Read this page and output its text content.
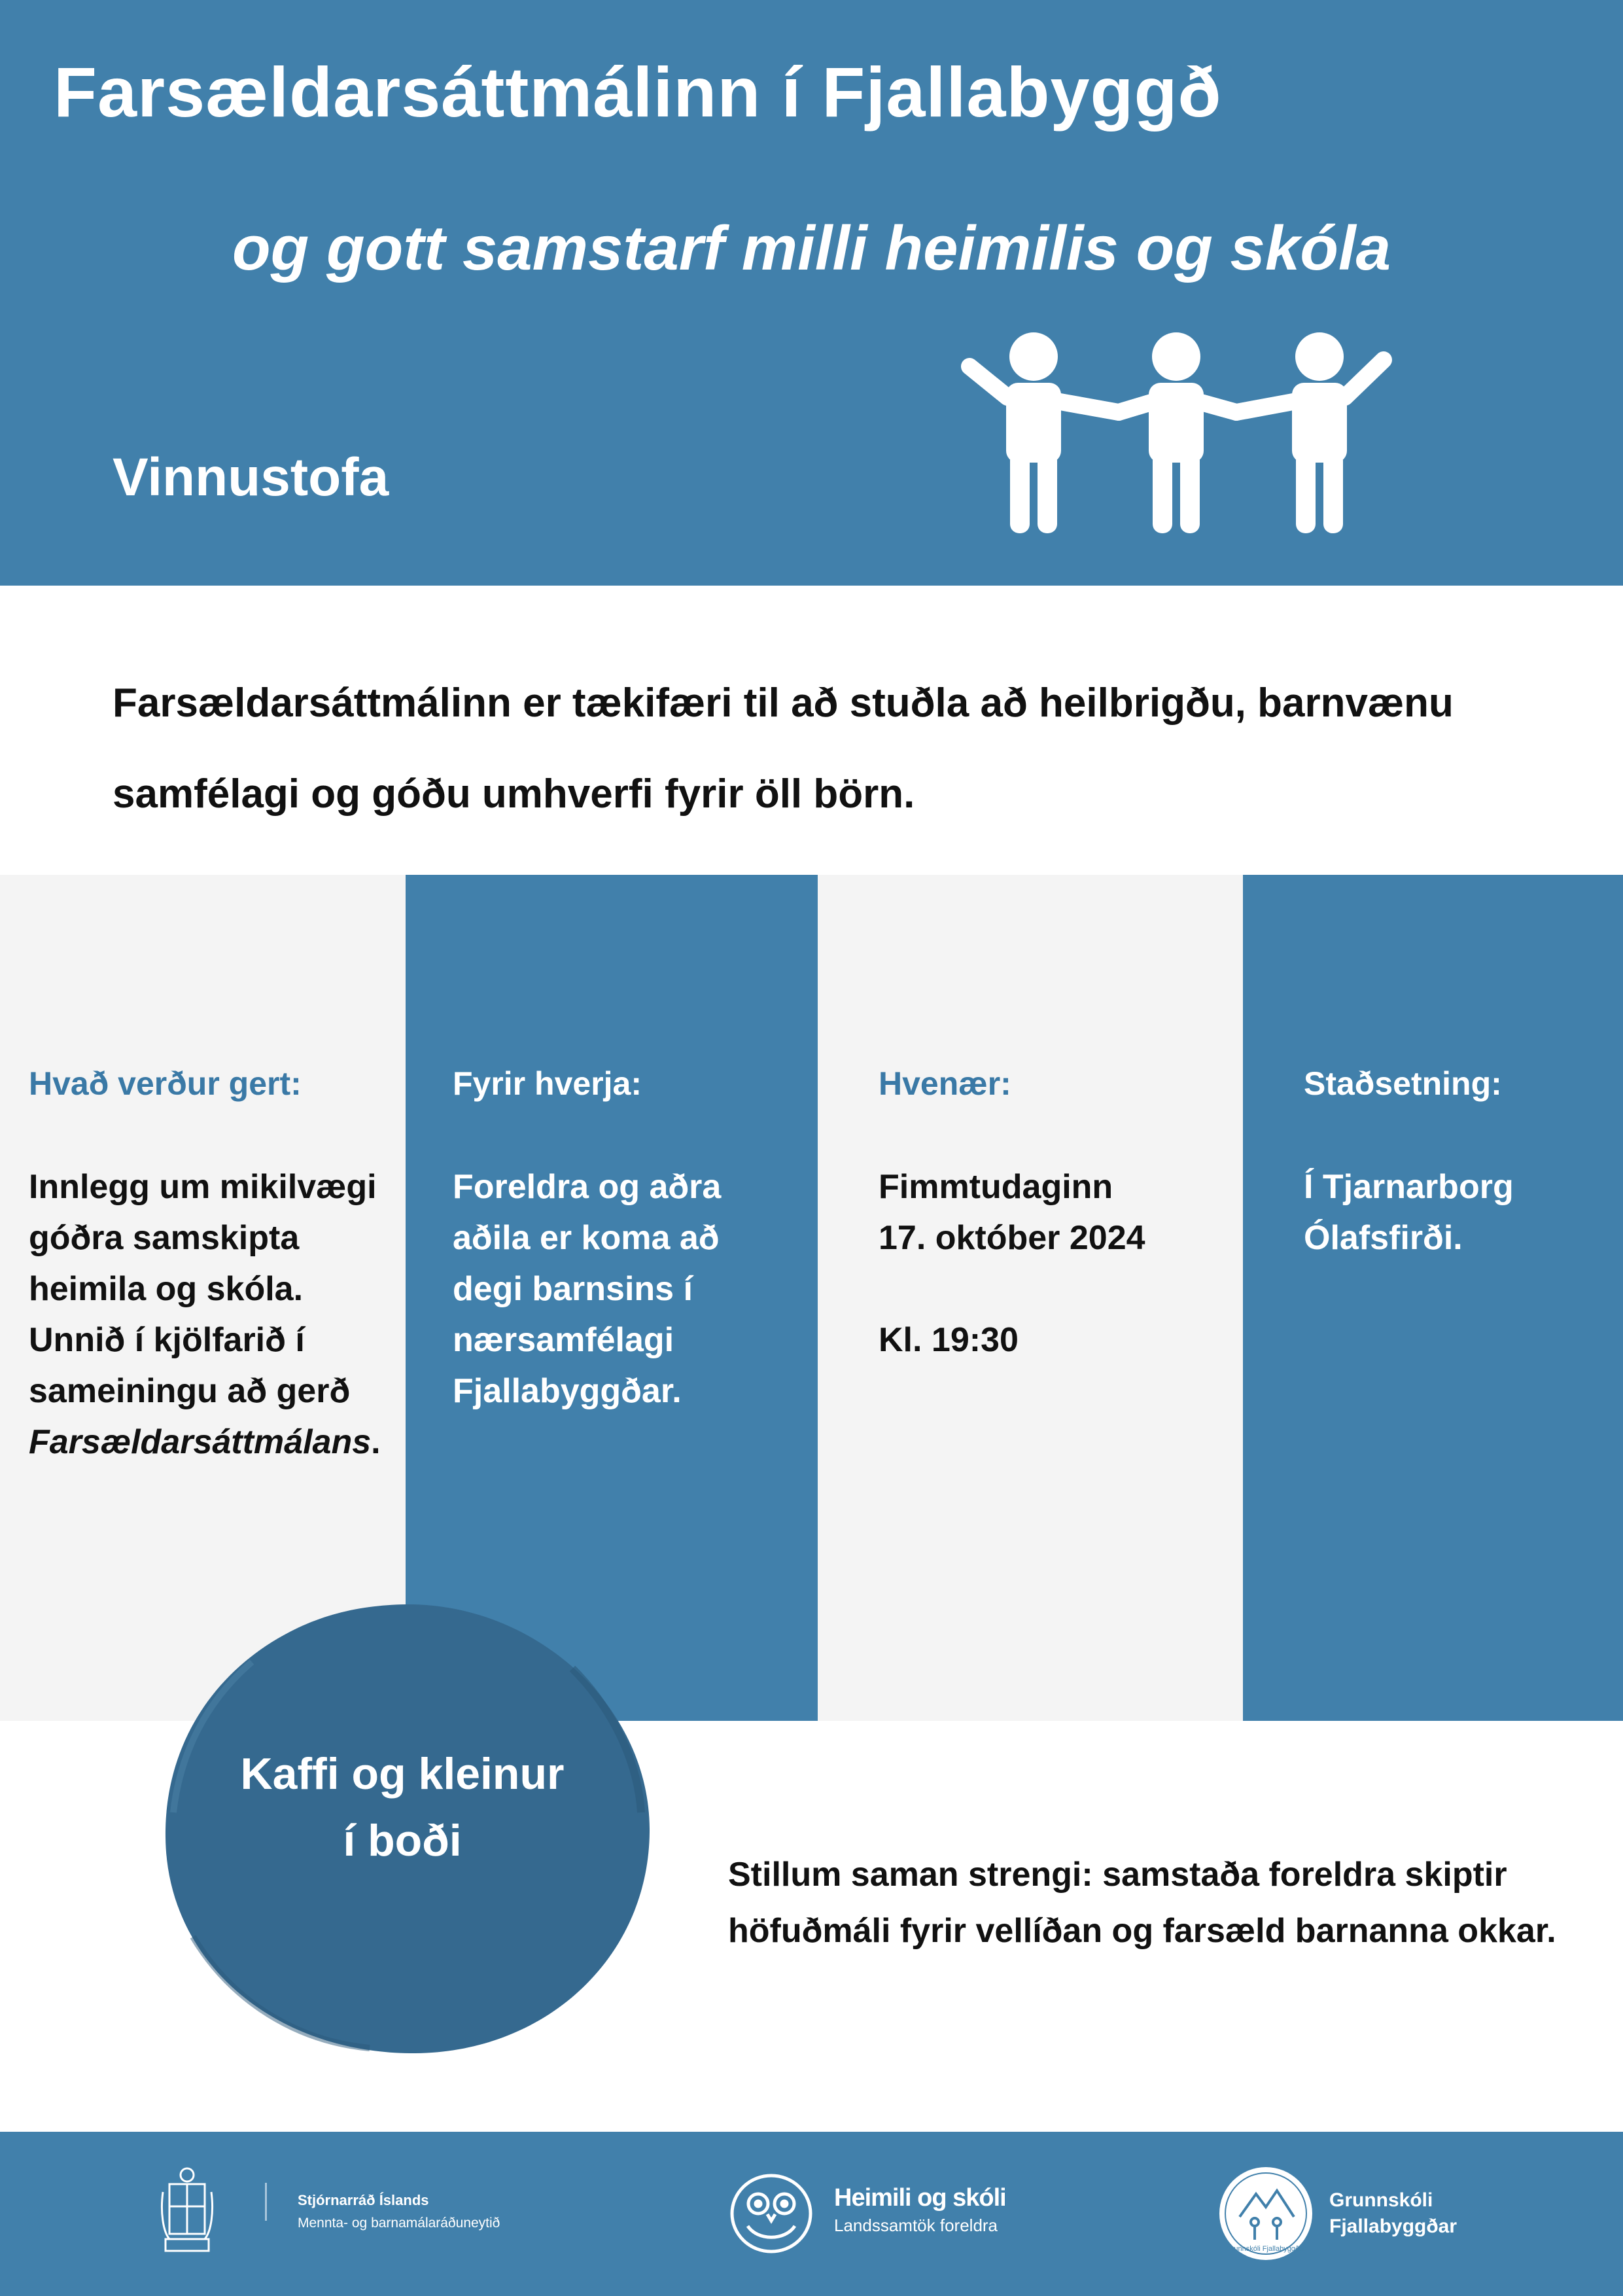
Farsældarsáttmálinn í Fjallabyggð
og gott samstarf milli heimilis og skóla
Vinnustofa
Farsældarsáttmálinn er tækifæri til að stuðla að heilbrigðu, barnvænu samfélagi og góðu umhverfi fyrir öll börn.
Hvað verður gert:
Innlegg um mikilvægi
góðra samskipta
heimila og skóla.
Unnið í kjölfarið í
sameiningu að gerð
Farsældarsáttmálans.
Fyrir hverja:
Foreldra og aðra
aðila er koma að
degi barnsins í
nærsamfélagi
Fjallabyggðar.
Hvenær:
Fimmtudaginn
17. október 2024

Kl. 19:30
Staðsetning:
Í Tjarnarborg
Ólafsfirði.
Kaffi og kleinur
í boði
Stillum saman strengi: samstaða foreldra skiptir höfuðmáli fyrir vellíðan og farsæld barnanna okkar.
Stjórnarráð Íslands
Mennta- og barnamálaráðuneytið
Heimili og skóli
Landssamtök foreldra
Grunnskóli Fjallabyggðar
Grunnskóli
Fjallabyggðar
